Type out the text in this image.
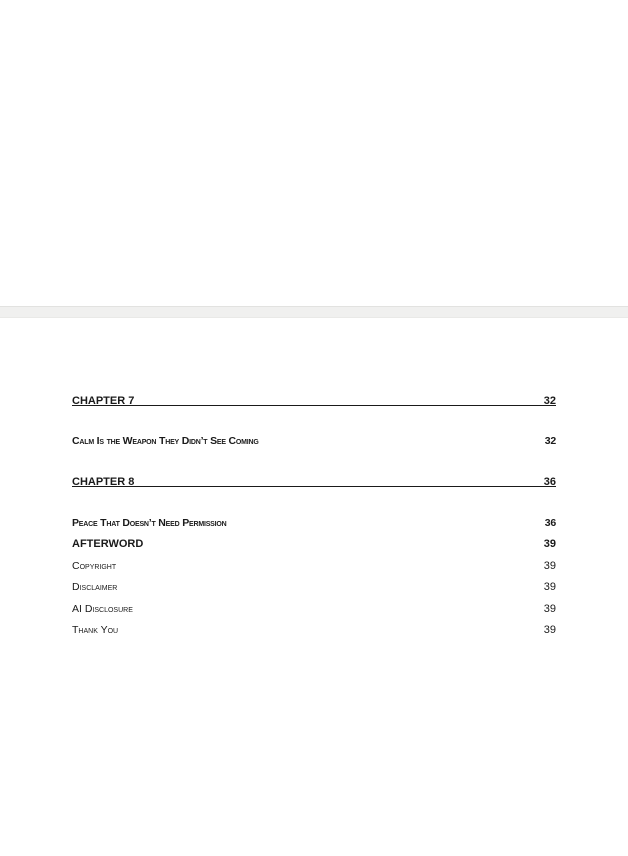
CHAPTER 7	32
Calm Is the Weapon They Didn’t See Coming	32
CHAPTER 8	36
Peace That Doesn’t Need Permission	36
AFTERWORD	39
Copyright	39
Disclaimer	39
AI Disclosure	39
Thank You	39
